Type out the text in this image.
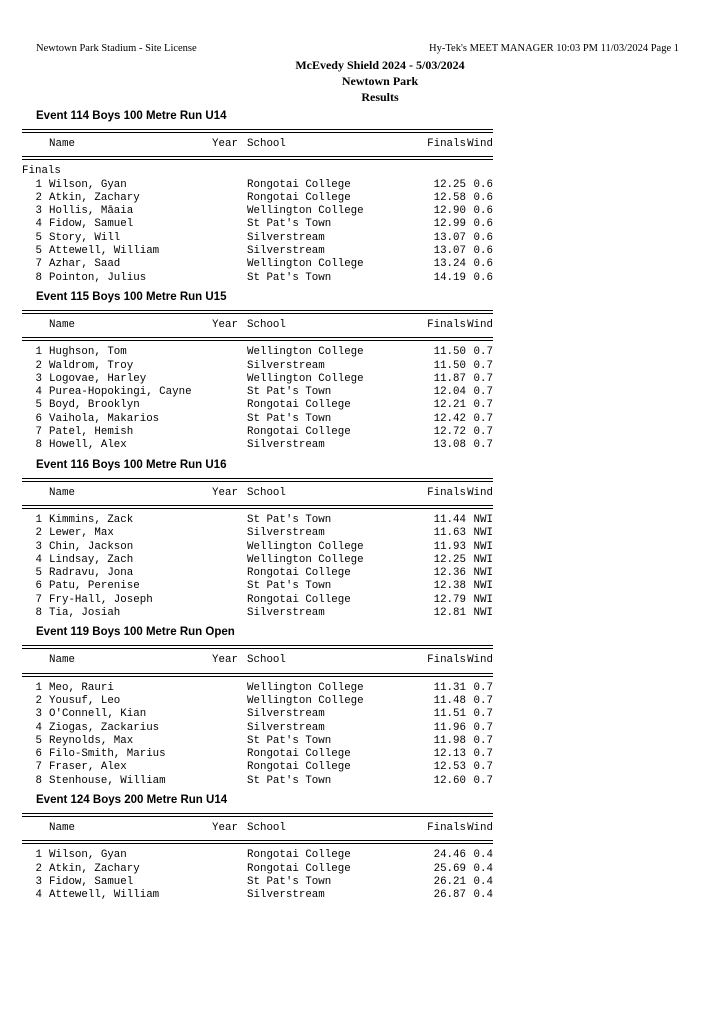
Newtown Park Stadium - Site License	Hy-Tek's MEET MANAGER 10:03 PM 11/03/2024 Page 1
McEvedy Shield 2024 - 5/03/2024
Newtown Park
Results
Event 114 Boys 100 Metre Run U14
Name	Year School	Finals Wind
Finals
1 Wilson, Gyan	Rongotai College	12.25 0.6
2 Atkin, Zachary	Rongotai College	12.58 0.6
3 Hollis, Māaia	Wellington College	12.90 0.6
4 Fidow, Samuel	St Pat's Town	12.99 0.6
5 Story, Will	Silverstream	13.07 0.6
5 Attewell, William	Silverstream	13.07 0.6
7 Azhar, Saad	Wellington College	13.24 0.6
8 Pointon, Julius	St Pat's Town	14.19 0.6
Event 115 Boys 100 Metre Run U15
Name	Year School	Finals Wind
1 Hughson, Tom	Wellington College	11.50 0.7
2 Waldrom, Troy	Silverstream	11.50 0.7
3 Logovae, Harley	Wellington College	11.87 0.7
4 Purea-Hopokingi, Cayne	St Pat's Town	12.04 0.7
5 Boyd, Brooklyn	Rongotai College	12.21 0.7
6 Vaihola, Makarios	St Pat's Town	12.42 0.7
7 Patel, Hemish	Rongotai College	12.72 0.7
8 Howell, Alex	Silverstream	13.08 0.7
Event 116 Boys 100 Metre Run U16
Name	Year School	Finals Wind
1 Kimmins, Zack	St Pat's Town	11.44 NWI
2 Lewer, Max	Silverstream	11.63 NWI
3 Chin, Jackson	Wellington College	11.93 NWI
4 Lindsay, Zach	Wellington College	12.25 NWI
5 Radravu, Jona	Rongotai College	12.36 NWI
6 Patu, Perenise	St Pat's Town	12.38 NWI
7 Fry-Hall, Joseph	Rongotai College	12.79 NWI
8 Tia, Josiah	Silverstream	12.81 NWI
Event 119 Boys 100 Metre Run Open
Name	Year School	Finals Wind
1 Meo, Rauri	Wellington College	11.31 0.7
2 Yousuf, Leo	Wellington College	11.48 0.7
3 O'Connell, Kian	Silverstream	11.51 0.7
4 Ziogas, Zackarius	Silverstream	11.96 0.7
5 Reynolds, Max	St Pat's Town	11.98 0.7
6 Filo-Smith, Marius	Rongotai College	12.13 0.7
7 Fraser, Alex	Rongotai College	12.53 0.7
8 Stenhouse, William	St Pat's Town	12.60 0.7
Event 124 Boys 200 Metre Run U14
Name	Year School	Finals Wind
1 Wilson, Gyan	Rongotai College	24.46 0.4
2 Atkin, Zachary	Rongotai College	25.69 0.4
3 Fidow, Samuel	St Pat's Town	26.21 0.4
4 Attewell, William	Silverstream	26.87 0.4
